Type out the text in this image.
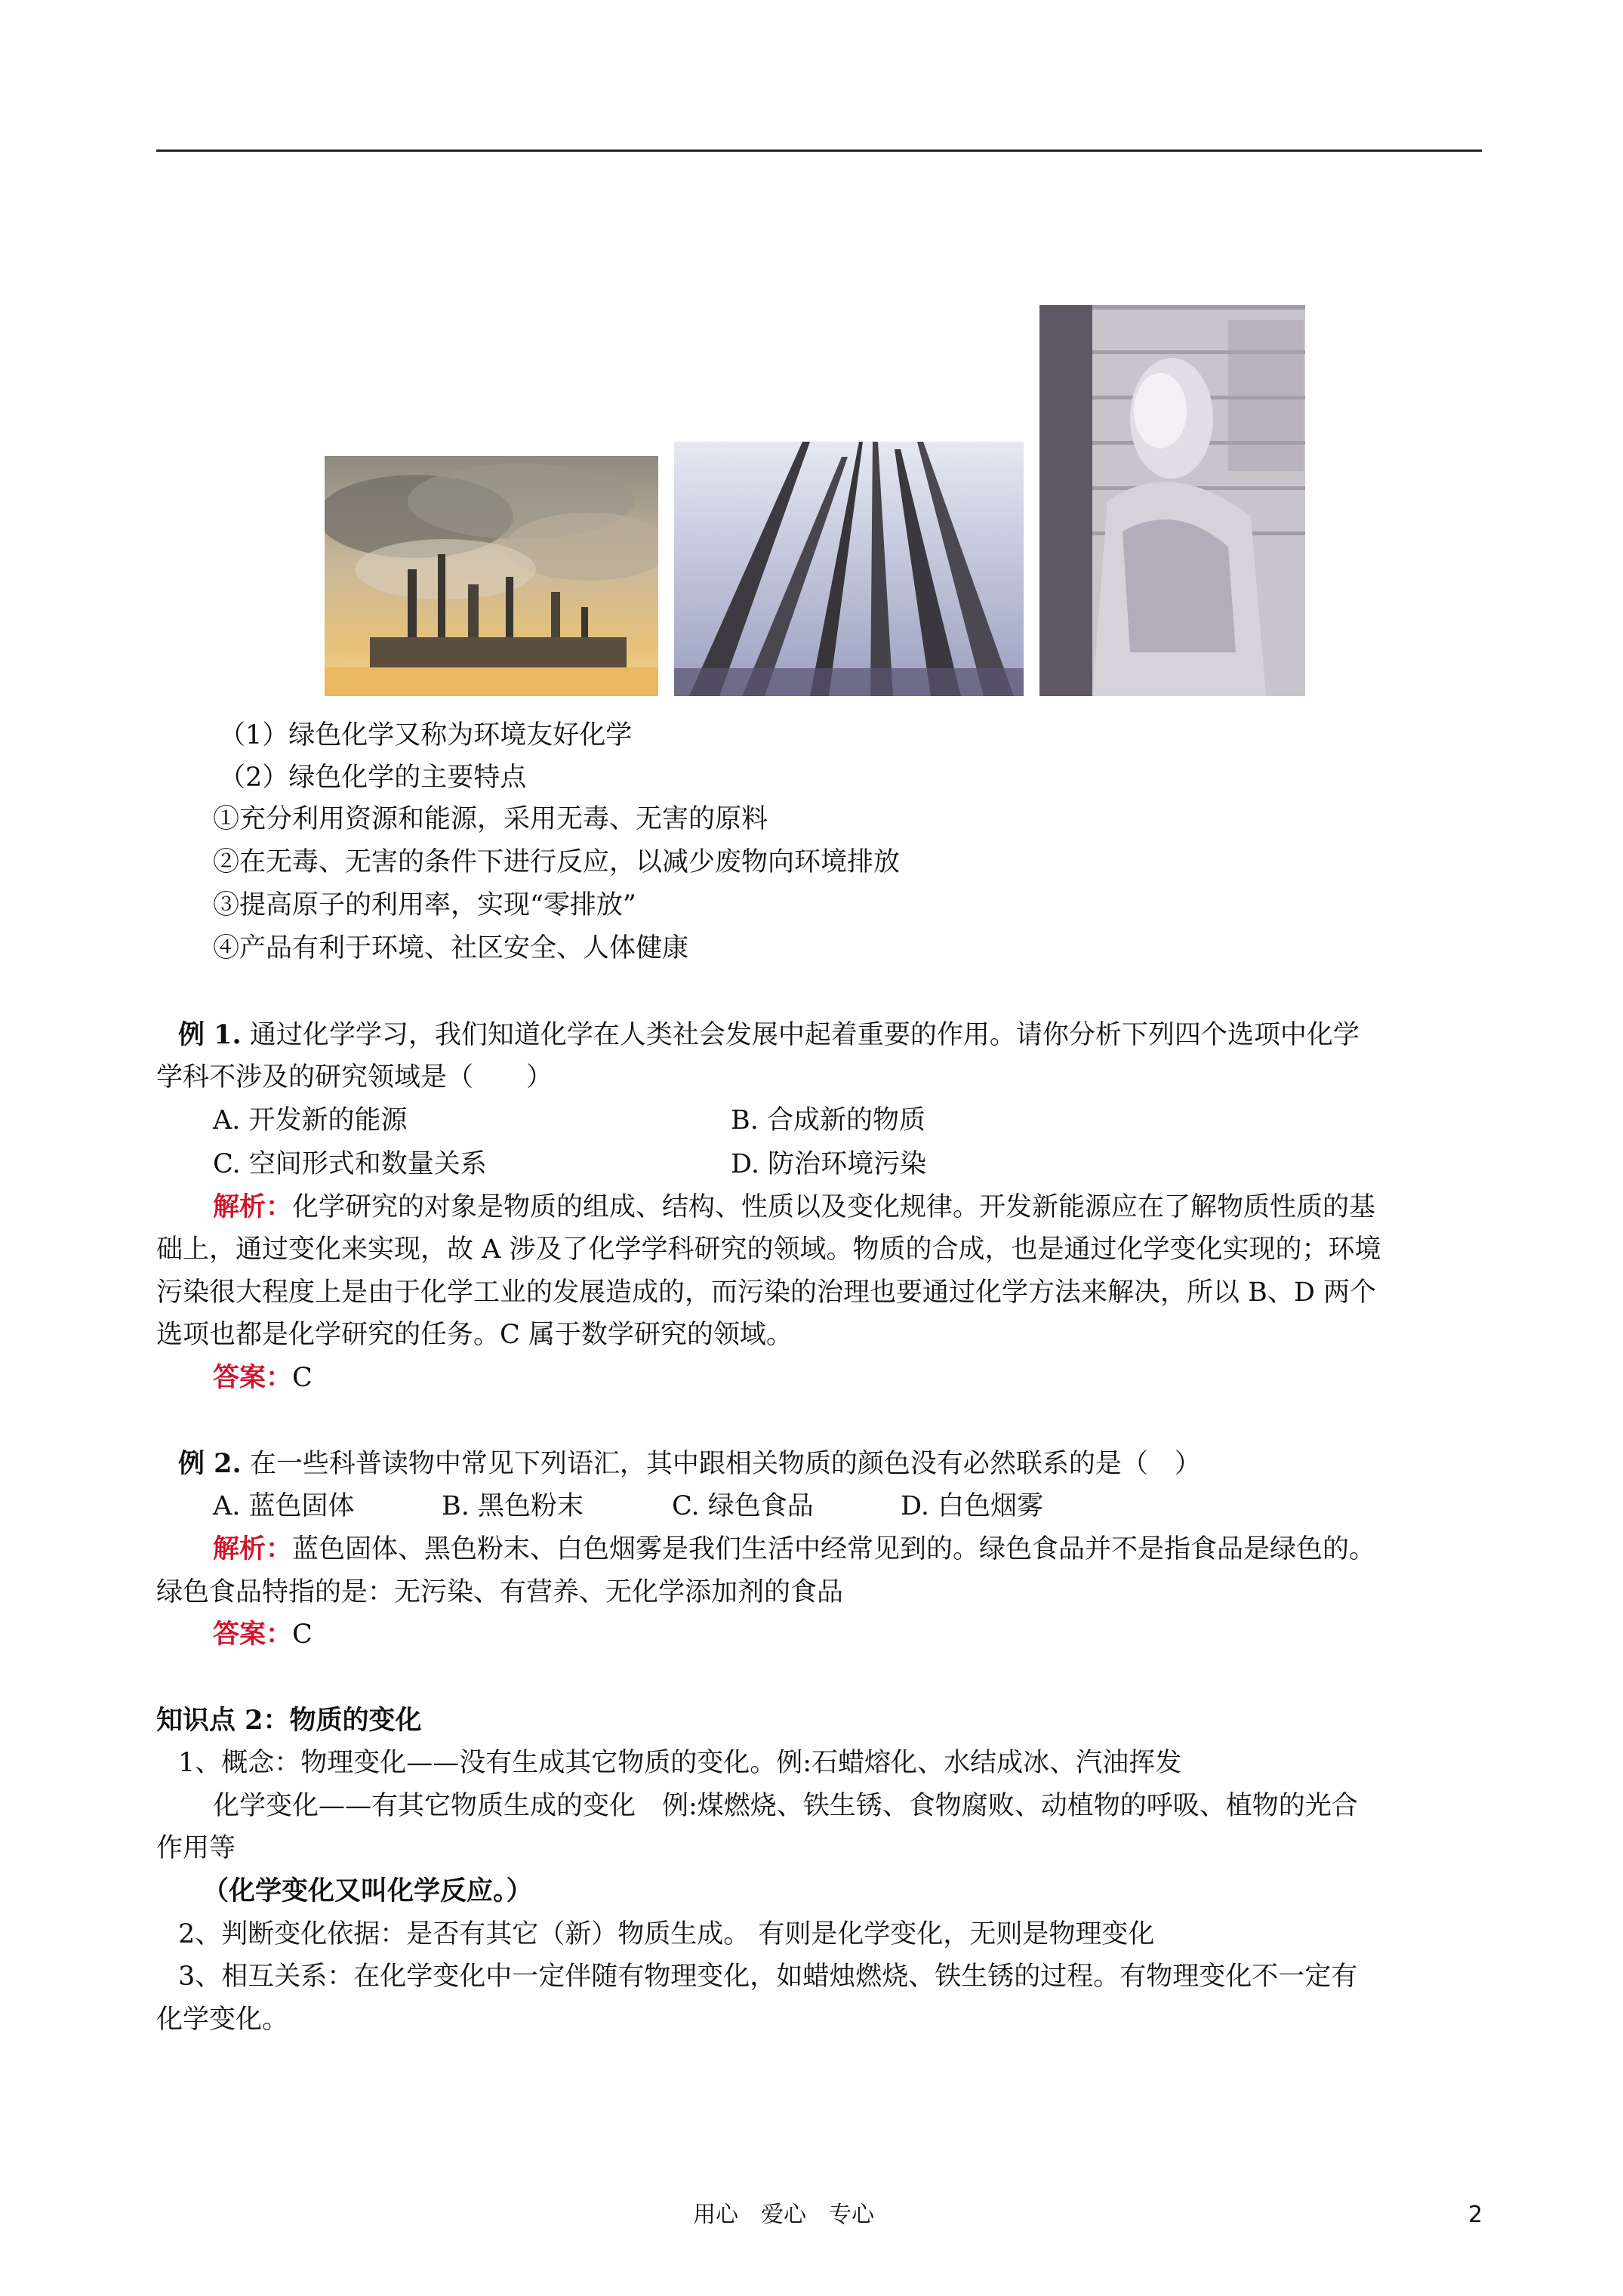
（1）绿色化学又称为环境友好化学
（2）绿色化学的主要特点
①充分利用资源和能源，采用无毒、无害的原料
②在无毒、无害的条件下进行反应，以减少废物向环境排放
③提高原子的利用率，实现“零排放”
④产品有利于环境、社区安全、人体健康
例 1. 通过化学学习，我们知道化学在人类社会发展中起着重要的作用。请你分析下列四个选项中化学
学科不涉及的研究领域是（　　）
A. 开发新的能源	B. 合成新的物质
C. 空间形式和数量关系	D. 防治环境污染
解析：化学研究的对象是物质的组成、结构、性质以及变化规律。开发新能源应在了解物质性质的基
础上，通过变化来实现，故 A 涉及了化学学科研究的领域。物质的合成，也是通过化学变化实现的；环境
污染很大程度上是由于化学工业的发展造成的，而污染的治理也要通过化学方法来解决，所以 B、D 两个
选项也都是化学研究的任务。C 属于数学研究的领域。
答案：C
例 2. 在一些科普读物中常见下列语汇，其中跟相关物质的颜色没有必然联系的是（　）
A. 蓝色固体	B. 黑色粉末	C. 绿色食品	D. 白色烟雾
解析：蓝色固体、黑色粉末、白色烟雾是我们生活中经常见到的。绿色食品并不是指食品是绿色的。
绿色食品特指的是：无污染、有营养、无化学添加剂的食品
答案：C
知识点 2：物质的变化
1、概念：物理变化——没有生成其它物质的变化。例:石蜡熔化、水结成冰、汽油挥发
化学变化——有其它物质生成的变化　例:煤燃烧、铁生锈、食物腐败、动植物的呼吸、植物的光合
作用等
（化学变化又叫化学反应。）
2、判断变化依据：是否有其它（新）物质生成。 有则是化学变化，无则是物理变化
3、相互关系：在化学变化中一定伴随有物理变化，如蜡烛燃烧、铁生锈的过程。有物理变化不一定有
化学变化。
用心　爱心　专心	2
